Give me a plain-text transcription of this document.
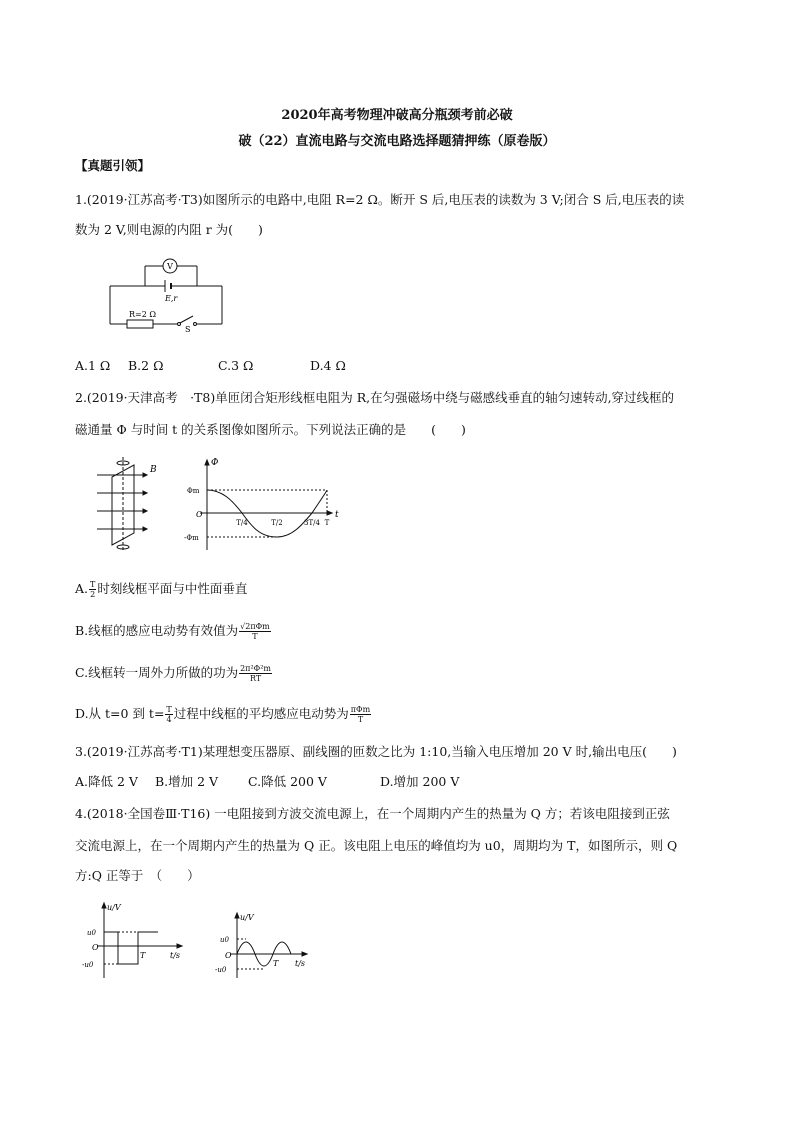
2020年高考物理冲破高分瓶颈考前必破
破（22）直流电路与交流电路选择题猜押练（原卷版）
【真题引领】
1.(2019·江苏高考·T3)如图所示的电路中,电阻 R=2 Ω。断开 S 后,电压表的读数为 3 V;闭合 S 后,电压表的读
数为 2 V,则电源的内阻 r 为(　　)
V
E,r
R=2 Ω
S
A.1 Ω B.2 Ω	C.3 Ω	D.4 Ω
2.(2019·天津高考　·T8)单匝闭合矩形线框电阻为 R,在匀强磁场中绕与磁感线垂直的轴匀速转动,穿过线框的
磁通量 Φ 与时间 t 的关系图像如图所示。下列说法正确的是　　(　　)
B
Φ
t
O
Φm
-Φm
T/4	T/2	3T/4 T
A. $\frac{T}{2}$ 时刻线框平面与中性面垂直
B.线框的感应电动势有效值为 $\frac{\text{√2πΦm}}{T}$
C.线框转一周外力所做的功为 $\frac{\text{2π²Φ²m}}{RT}$
D.从 t=0 到 $t= \frac{T}{4}$ 过程中线框的平均感应电动势为 $\frac{\text{πΦm}}{T}$
3.(2019·江苏高考·T1)某理想变压器原、副线圈的匝数之比为 1:10,当输入电压增加 20 V 时,输出电压(　　)
A.降低 2 V B.增加 2 V C.降低 200 V	D.增加 200 V
4.(2018·全国卷Ⅲ·T16) 一电阻接到方波交流电源上，在一个周期内产生的热量为 Q 方；若该电阻接到正弦
交流电源上，在一个周期内产生的热量为 Q 正。该电阻上电压的峰值均为 u0，周期均为 T，如图所示，则 Q
方:Q 正等于　（　　）
u/V
t/s
O
u0
-u0
T
u/V
t/s
O
u0
-u0
T
